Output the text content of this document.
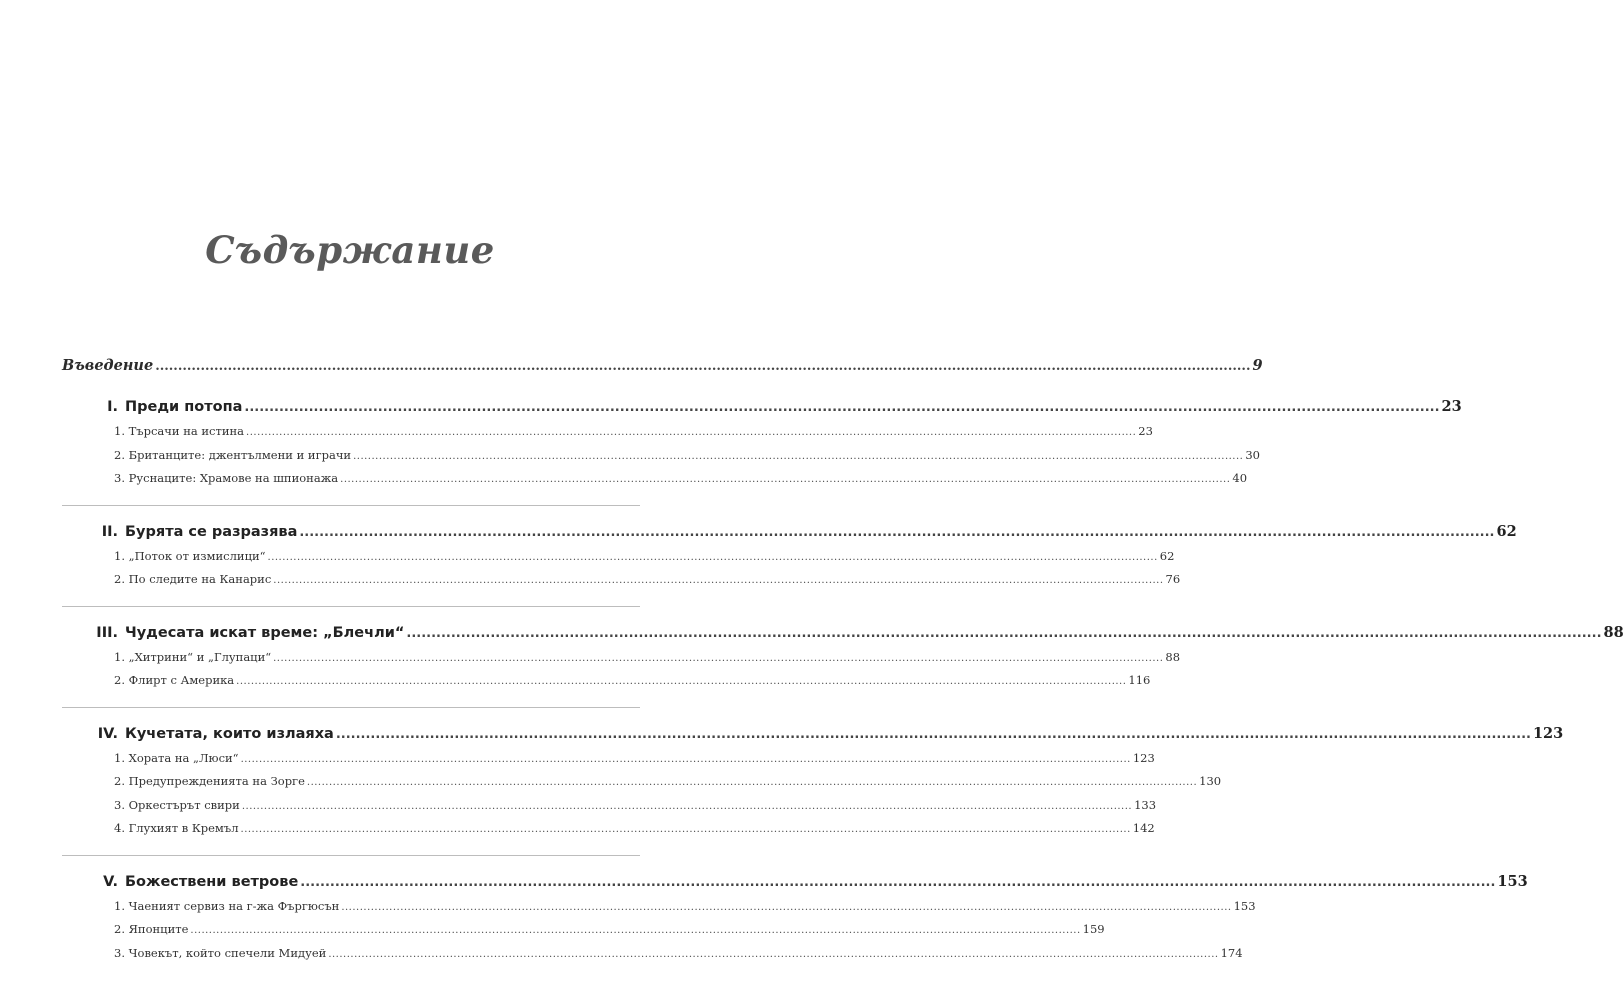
Съдържание
Въведение .....	9
I. Преди потопа .....	23
1. Търсачи на истина .....	23
2. Британците: джентълмени и играчи .....	30
3. Руснаците: Храмове на шпионажа .....	40
II. Бурята се разразява .....	62
1. „Поток от измислици“ .....	62
2. По следите на Канарис .....	76
III. Чудесата искат време: „Блечли“ .....	88
1. „Хитрини“ и „Глупаци“ .....	88
2. Флирт с Америка .....	116
IV. Кучетата, които излаяха .....	123
1. Хората на „Люси“ .....	123
2. Предупрежденията на Зорге .....	130
3. Оркестърът свири .....	133
4. Глухият в Кремъл .....	142
V. Божествени ветрове .....	153
1. Чаеният сервиз на г-жа Фъргюсън .....	153
2. Японците .....	159
3. Човекът, който спечели Мидуей .....	174
